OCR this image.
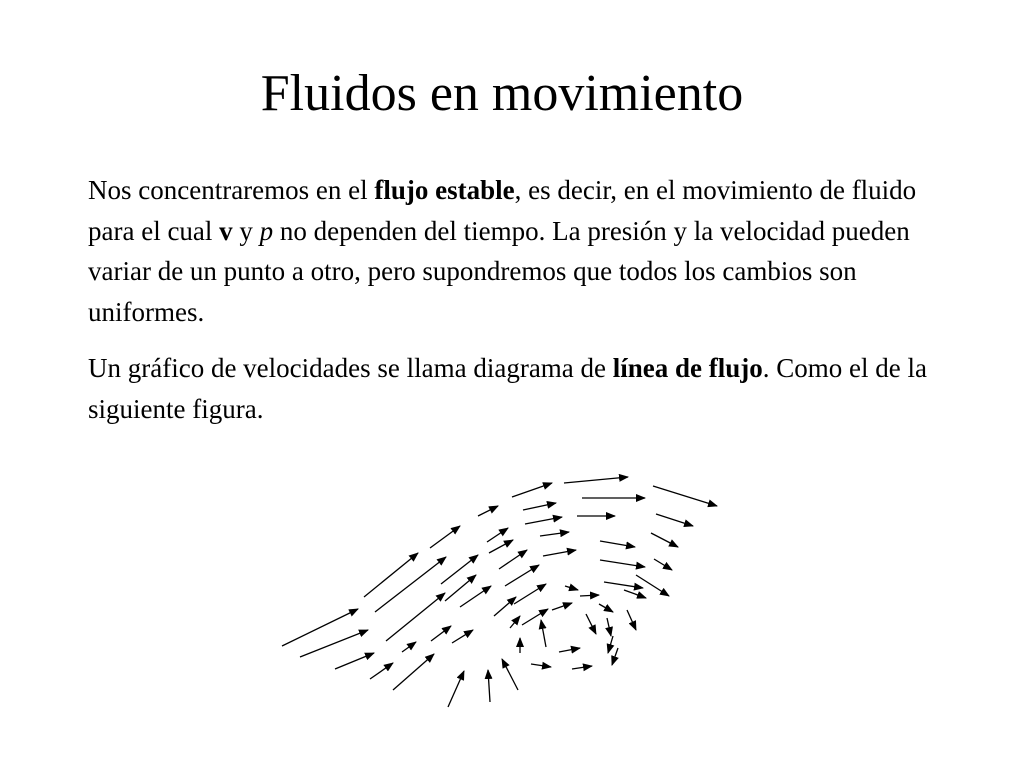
Fluidos en movimiento

Nos concentraremos en el flujo estable, es decir, en el movimiento de fluido para el cual v y p no dependen del tiempo. La presión y la velocidad pueden variar de un punto a otro, pero supondremos que todos los cambios son uniformes.

Un gráfico de velocidades se llama diagrama de línea de flujo. Como el de la siguiente figura.
